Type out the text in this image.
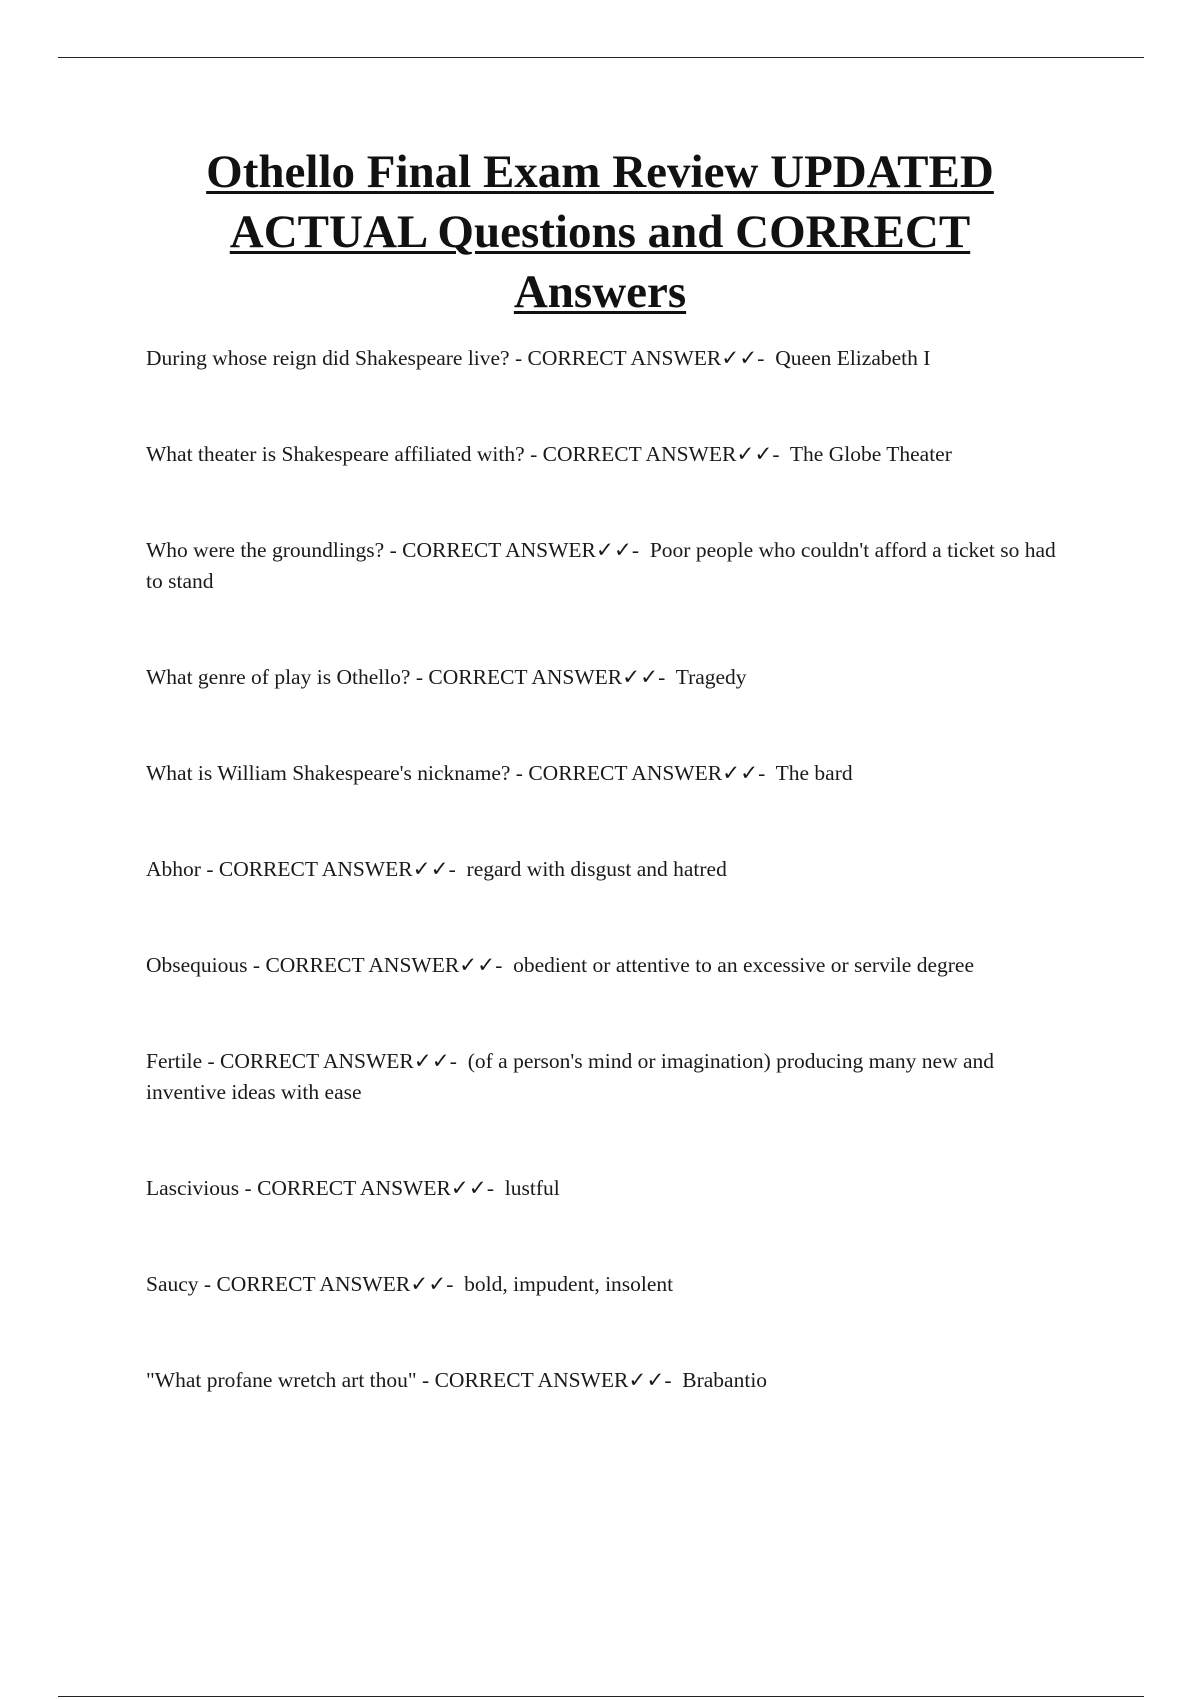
Othello Final Exam Review UPDATED ACTUAL Questions and CORRECT Answers

During whose reign did Shakespeare live? - CORRECT ANSWER✓✓-  Queen Elizabeth I

What theater is Shakespeare affiliated with? - CORRECT ANSWER✓✓-  The Globe Theater

Who were the groundlings? - CORRECT ANSWER✓✓-  Poor people who couldn't afford a ticket so had to stand

What genre of play is Othello? - CORRECT ANSWER✓✓-  Tragedy

What is William Shakespeare's nickname? - CORRECT ANSWER✓✓-  The bard

Abhor - CORRECT ANSWER✓✓-  regard with disgust and hatred

Obsequious - CORRECT ANSWER✓✓-  obedient or attentive to an excessive or servile degree

Fertile - CORRECT ANSWER✓✓-  (of a person's mind or imagination) producing many new and inventive ideas with ease

Lascivious - CORRECT ANSWER✓✓-  lustful

Saucy - CORRECT ANSWER✓✓-  bold, impudent, insolent

"What profane wretch art thou" - CORRECT ANSWER✓✓-  Brabantio
